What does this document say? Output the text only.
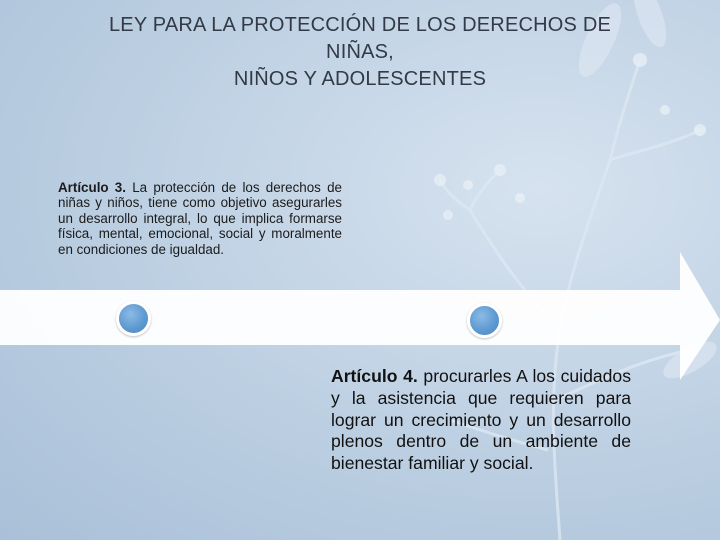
LEY PARA LA PROTECCIÓN DE LOS DERECHOS DE
NIÑAS,
NIÑOS Y ADOLESCENTES
Artículo 3. La protección de los derechos de niñas y niños, tiene como objetivo asegurarles un desarrollo integral, lo que implica formarse física, mental, emocional, social y moralmente en condiciones de igualdad.
Artículo 4. procurarles A los cuidados y la asistencia que requieren para lograr un crecimiento y un desarrollo plenos dentro de un ambiente de bienestar familiar y social.
